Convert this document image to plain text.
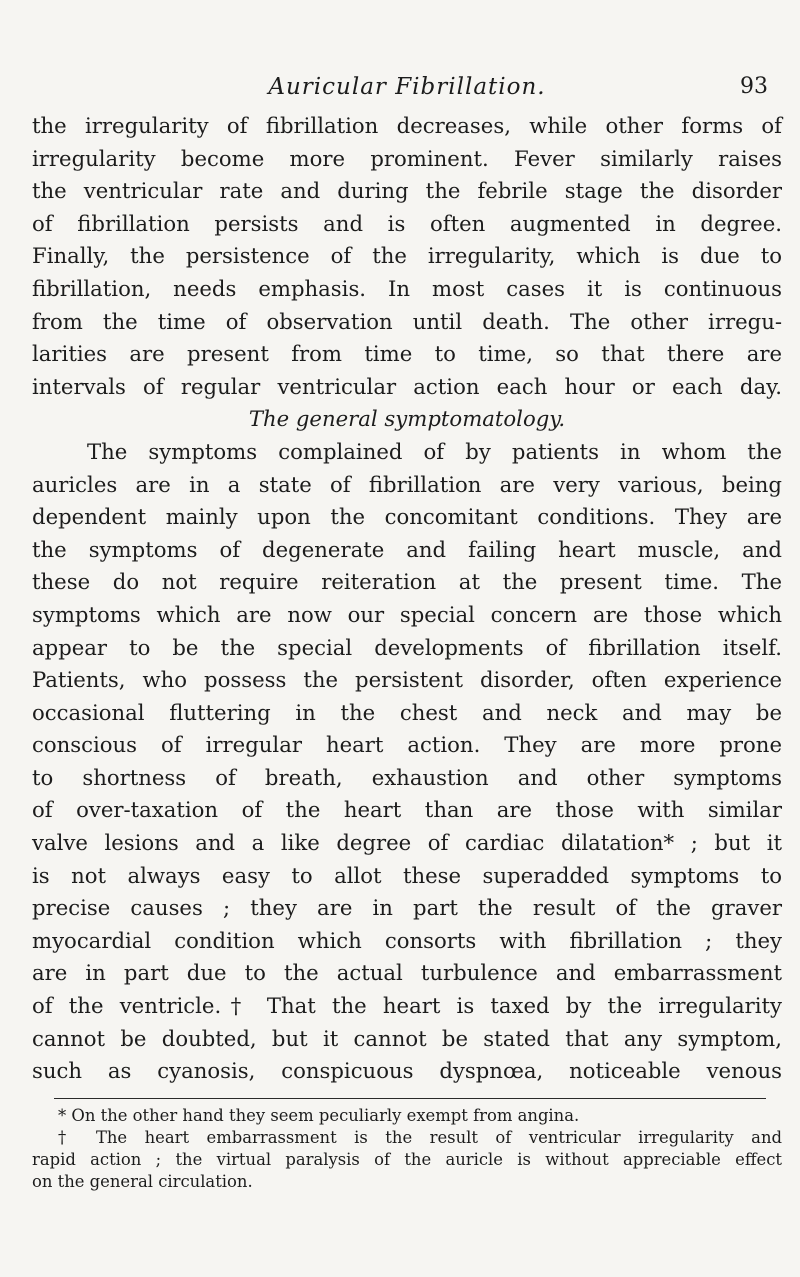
Auricular Fibrillation.	93
the irregularity of fibrillation decreases, while other forms of
irregularity become more prominent. Fever similarly raises
the ventricular rate and during the febrile stage the disorder
of fibrillation persists and is often augmented in degree.
Finally, the persistence of the irregularity, which is due to
fibrillation, needs emphasis. In most cases it is continuous
from the time of observation until death. The other irregu-
larities are present from time to time, so that there are
intervals of regular ventricular action each hour or each day.
The general symptomatology.
The symptoms complained of by patients in whom the
auricles are in a state of fibrillation are very various, being
dependent mainly upon the concomitant conditions. They are
the symptoms of degenerate and failing heart muscle, and
these do not require reiteration at the present time. The
symptoms which are now our special concern are those which
appear to be the special developments of fibrillation itself.
Patients, who possess the persistent disorder, often experience
occasional fluttering in the chest and neck and may be
conscious of irregular heart action. They are more prone
to shortness of breath, exhaustion and other symptoms
of over-taxation of the heart than are those with similar
valve lesions and a like degree of cardiac dilatation* ; but it
is not always easy to allot these superadded symptoms to
precise causes ; they are in part the result of the graver
myocardial condition which consorts with fibrillation ; they
are in part due to the actual turbulence and embarrassment
of the ventricle.† That the heart is taxed by the irregularity
cannot be doubted, but it cannot be stated that any symptom,
such as cyanosis, conspicuous dyspnœa, noticeable venous
* On the other hand they seem peculiarly exempt from angina.
† The heart embarrassment is the result of ventricular irregularity and
rapid action ; the virtual paralysis of the auricle is without appreciable effect
on the general circulation.
